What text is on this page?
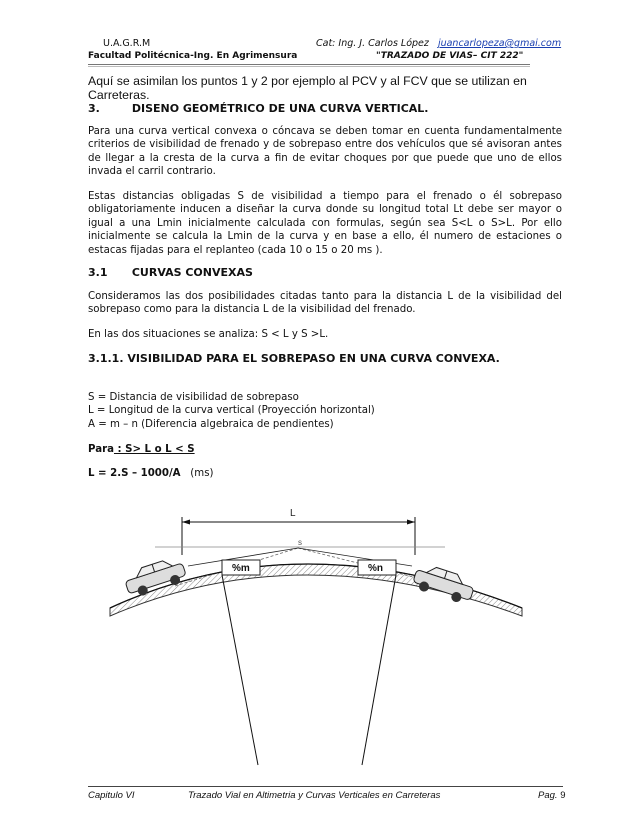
U.A.G.R.M
Facultad Politécnica-Ing. En Agrimensura
Cat: Ing. J. Carlos López juancarlopeza@gmai.com
"TRAZADO DE VIAS– CIT 222"
Aquí se asimilan los puntos 1 y 2 por ejemplo al PCV y al FCV que se utilizan en Carreteras.
3.	DISENO GEOMÉTRICO DE UNA CURVA VERTICAL.
Para una curva vertical convexa o cóncava se deben tomar en cuenta fundamentalmente criterios de visibilidad de frenado y de sobrepaso entre dos vehículos que sé avisoran antes de llegar a la cresta de la curva a fin de evitar choques por que puede que uno de ellos invada el carril contrario.
Estas distancias obligadas S de visibilidad a tiempo para el frenado o él sobrepaso obligatoriamente inducen a diseñar la curva donde su longitud total Lt debe ser mayor o igual a una Lmin inicialmente calculada con formulas, según sea S<L o S>L. Por ello inicialmente se calcula la Lmin de la curva y en base a ello, él numero de estaciones o estacas fijadas para el replanteo (cada 10 o 15 o 20 ms ).
3.1 CURVAS CONVEXAS
Consideramos las dos posibilidades citadas tanto para la distancia L de la visibilidad del sobrepaso como para la distancia L de la visibilidad del frenado.
En las dos situaciones se analiza: S < L y S >L.
3.1.1. VISIBILIDAD PARA EL SOBREPASO EN UNA CURVA CONVEXA.
S = Distancia de visibilidad de sobrepaso
L = Longitud de la curva vertical (Proyección horizontal)
A = m – n (Diferencia algebraica de pendientes)
Para : S> L o L < S
L = 2.S – 1000/A (ms)
L
s
%m	%n
Capitulo VI	Trazado Vial en Altimetria y Curvas Verticales en Carreteras	Pag. 9
